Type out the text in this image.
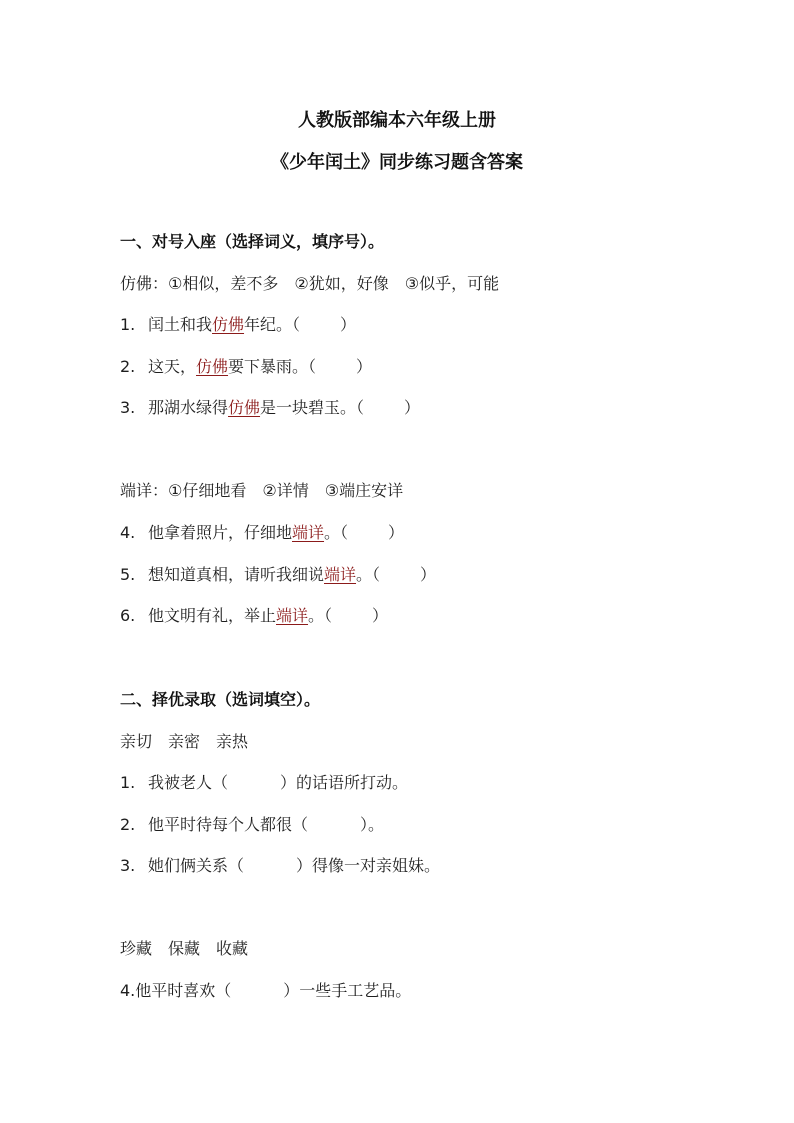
人教版部编本六年级上册
《少年闰土》同步练习题含答案
一、对号入座（选择词义，填序号）。
仿佛：①相似，差不多 ②犹如，好像 ③似乎，可能
1. 闰土和我仿佛年纪。（	）
2. 这天，仿佛要下暴雨。（	）
3. 那湖水绿得仿佛是一块碧玉。（	）
端详：①仔细地看 ②详情 ③端庄安详
4. 他拿着照片，仔细地端详。（	）
5. 想知道真相，请听我细说端详。（	）
6. 他文明有礼，举止端详。（	）
二、择优录取（选词填空）。
亲切 亲密 亲热
1. 我被老人（	）的话语所打动。
2. 他平时待每个人都很（	）。
3. 她们俩关系（	）得像一对亲姐妹。
珍藏 保藏 收藏
4.他平时喜欢（	）一些手工艺品。
